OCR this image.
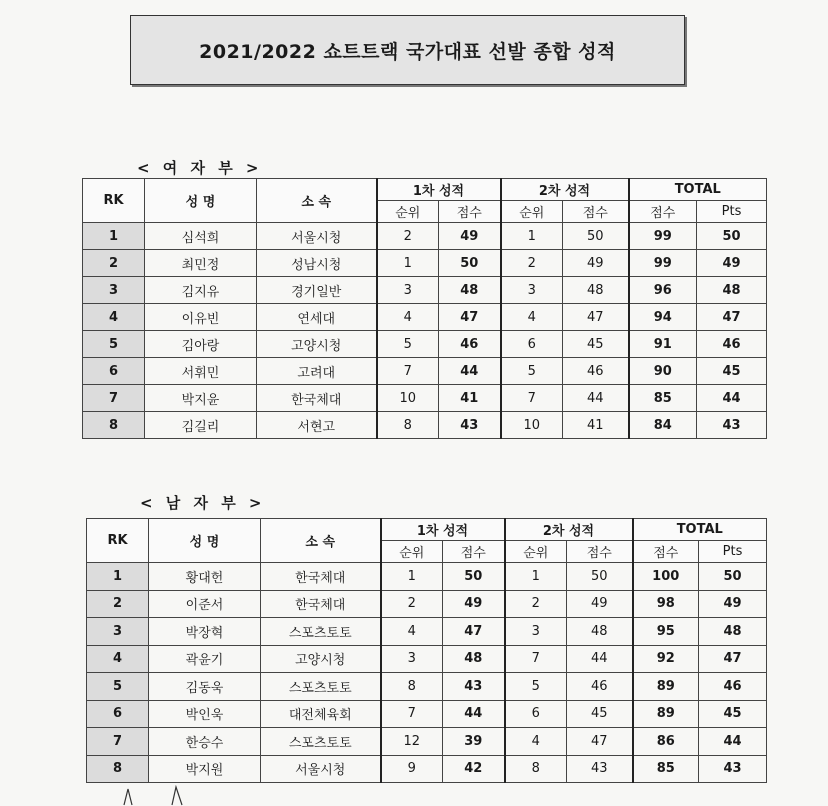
2021/2022 쇼트트랙 국가대표 선발 종합 성적
< 여 자 부 >
RK	성 명	소 속	1차 성적		2차 성적		TOTAL	
			순위	점수	순위	점수	점수	Pts
1	심석희	서울시청	2	49	1	50	99	50
2	최민정	성남시청	1	50	2	49	99	49
3	김지유	경기일반	3	48	3	48	96	48
4	이유빈	연세대	4	47	4	47	94	47
5	김아랑	고양시청	5	46	6	45	91	46
6	서휘민	고려대	7	44	5	46	90	45
7	박지윤	한국체대	10	41	7	44	85	44
8	김길리	서현고	8	43	10	41	84	43
< 남 자 부 >
RK	성 명	소 속	1차 성적		2차 성적		TOTAL	
			순위	점수	순위	점수	점수	Pts
1	황대헌	한국체대	1	50	1	50	100	50
2	이준서	한국체대	2	49	2	49	98	49
3	박장혁	스포츠토토	4	47	3	48	95	48
4	곽윤기	고양시청	3	48	7	44	92	47
5	김동욱	스포츠토토	8	43	5	46	89	46
6	박인욱	대전체육회	7	44	6	45	89	45
7	한승수	스포츠토토	12	39	4	47	86	44
8	박지원	서울시청	9	42	8	43	85	43
